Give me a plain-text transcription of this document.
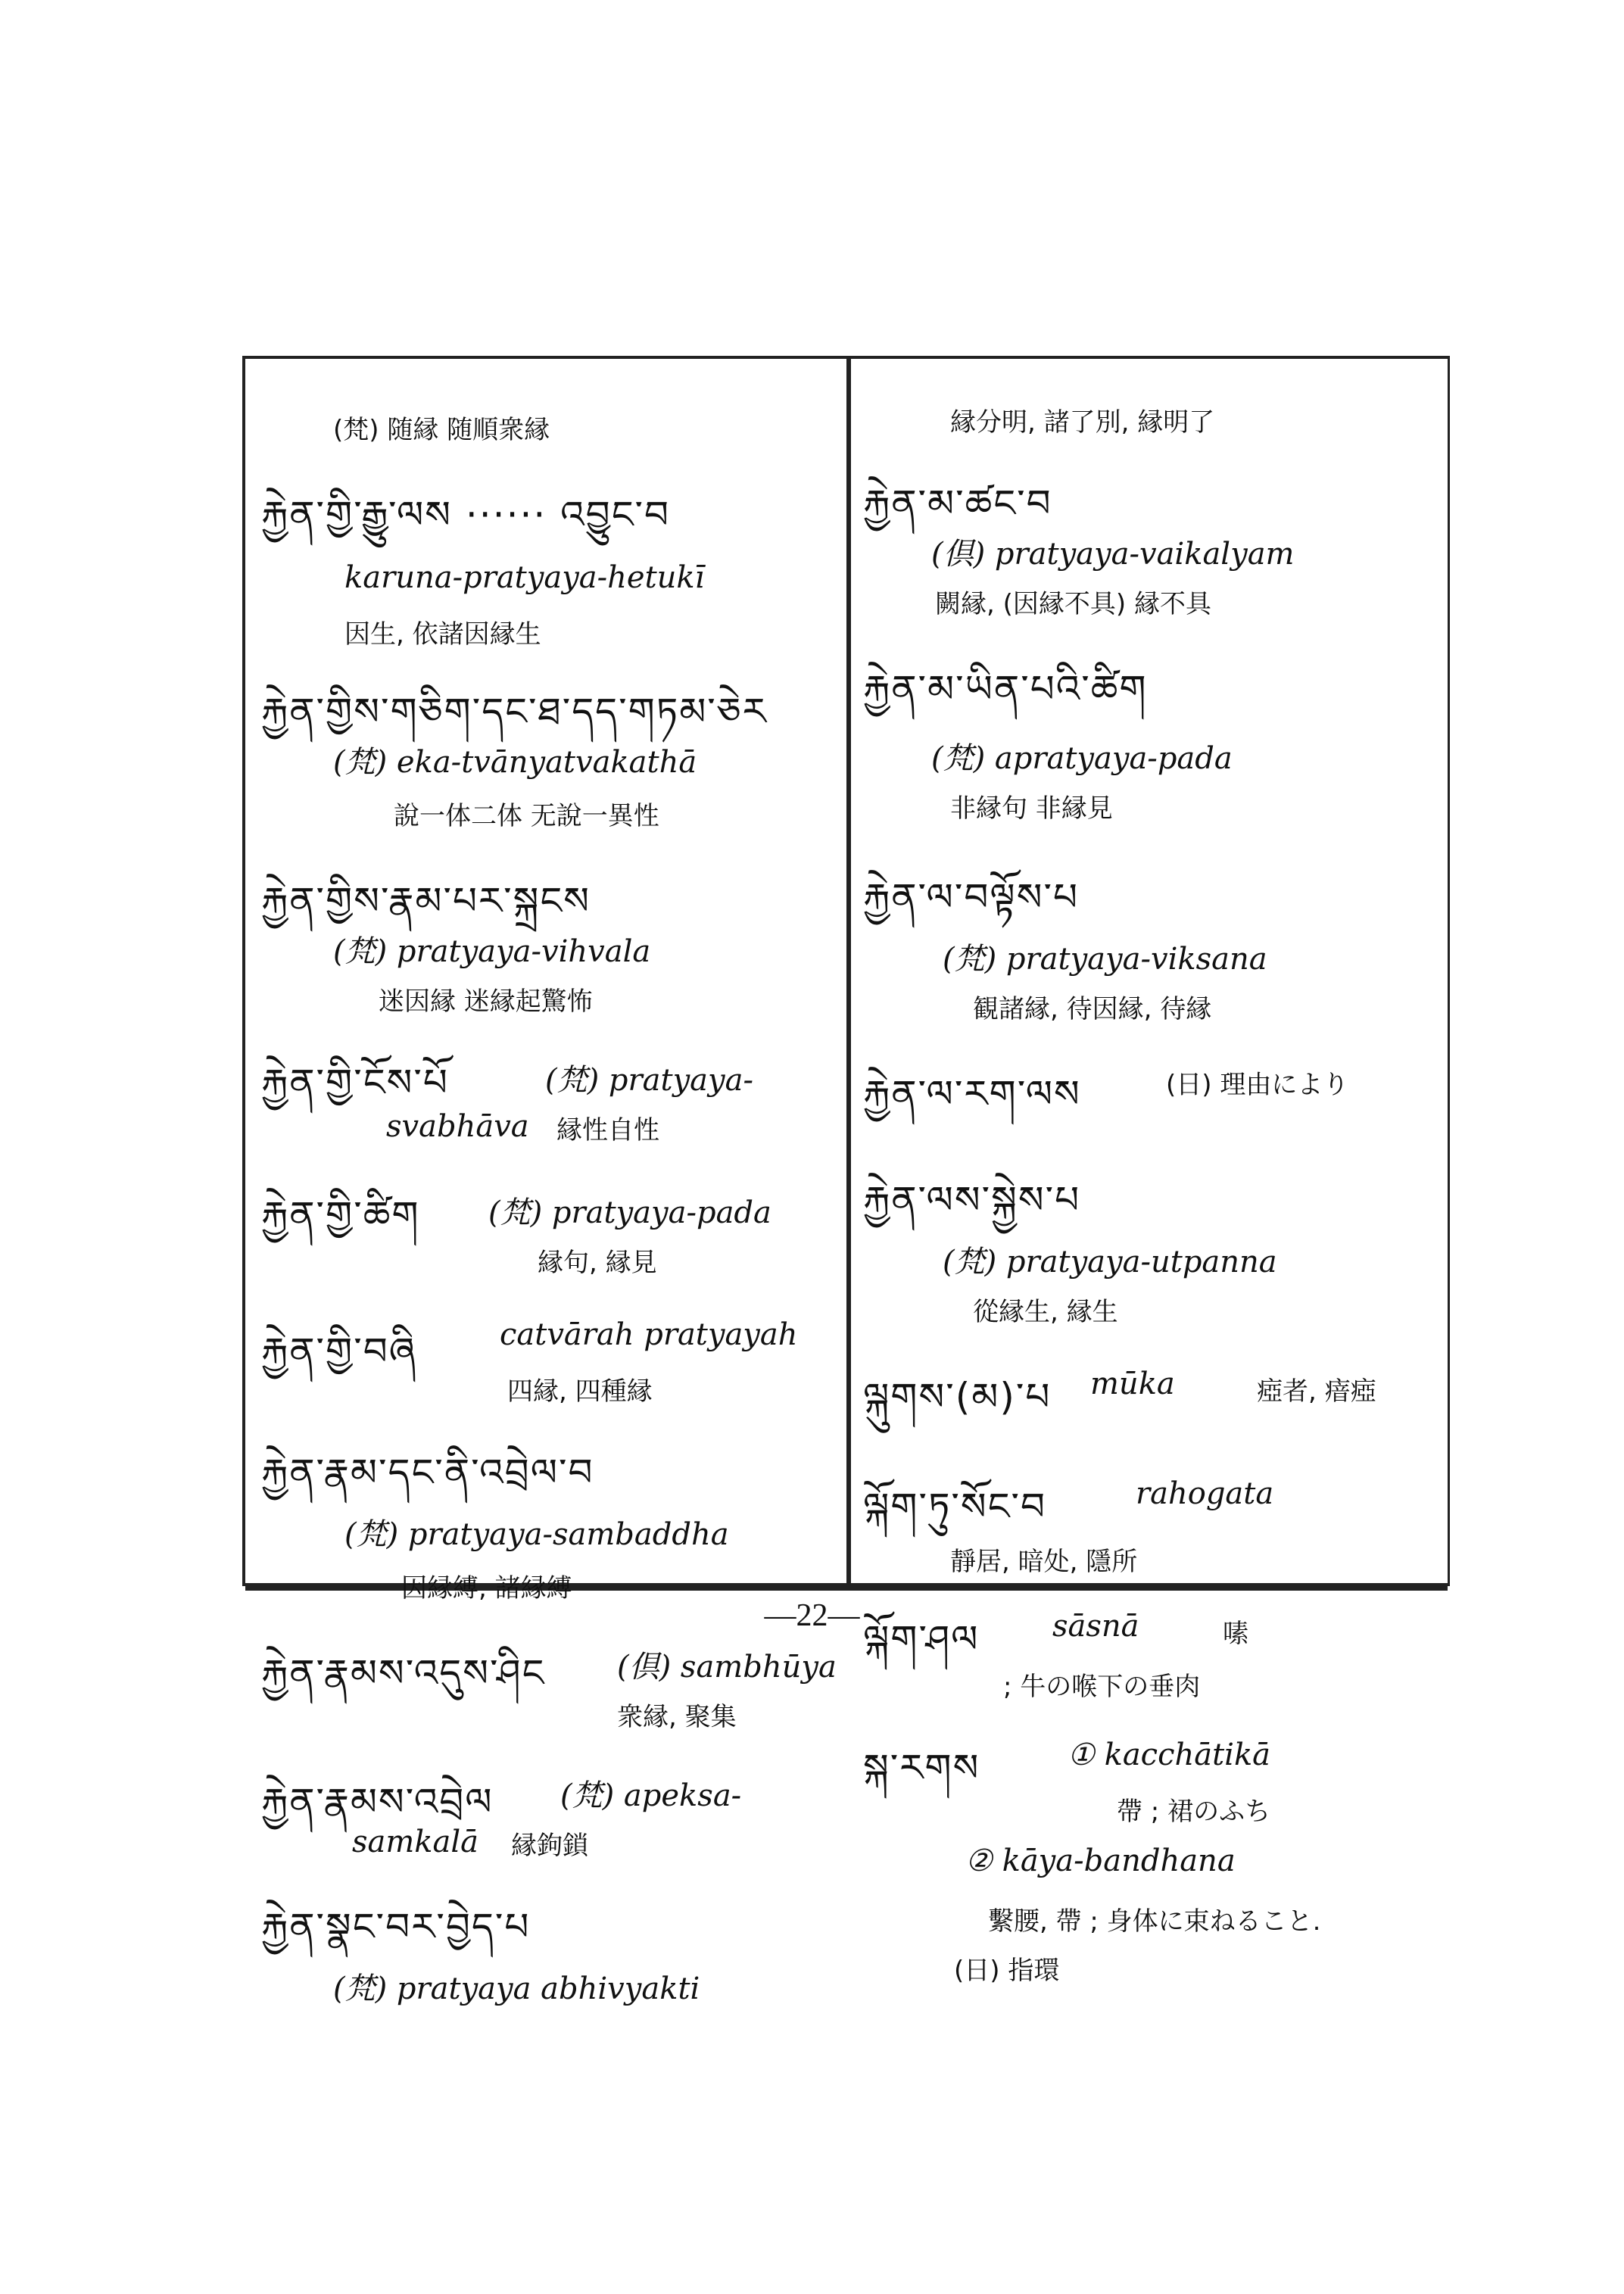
(梵) 随縁 随順衆縁
རྐྱེན་གྱི་རྒྱུ་ལས ······ འབྱུང་བ
karuna-pratyaya-hetukī
因生, 依諸因縁生
རྐྱེན་གྱིས་གཅིག་དང་ཐ་དད་གཏམ་ཅེར
(梵) eka-tvānyatvakathā
說一体二体 无說一異性
རྐྱེན་གྱིས་རྣམ་པར་སྐྲངས
(梵) pratyaya-vihvala
迷因縁 迷縁起驚怖
རྐྱེན་གྱི་ངོས་པོ	(梵) pratyaya-
svabhāva 縁性自性
རྐྱེན་གྱི་ཚིག (梵) pratyaya-pada
縁句, 縁見
རྐྱེན་གྱི་བཞི	catvārah pratyayah
四縁, 四種縁
རྐྱེན་རྣམ་དང་ནི་འབྲེལ་བ
(梵) pratyaya-sambaddha
因縁縛, 諸縁縛
རྐྱེན་རྣམས་འདུས་ཤིང (倶) sambhūya
衆縁, 聚集
རྐྱེན་རྣམས་འབྲེལ (梵) apeksa-
samkalā 縁鉤鎖
རྐྱེན་སྣང་བར་བྱེད་པ
(梵) pratyaya abhivyakti
縁分明, 諸了別, 縁明了
རྐྱེན་མ་ཚང་བ
(倶) pratyaya-vaikalyam
闕縁, (因縁不具) 縁不具
རྐྱེན་མ་ཡིན་པའི་ཚིག
(梵) apratyaya-pada
非縁句 非縁見
རྐྱེན་ལ་བལྟོས་པ
(梵) pratyaya-viksana
観諸縁, 待因縁, 待縁
རྐྱེན་ལ་རག་ལས	(日) 理由により
རྐྱེན་ལས་སྐྱེས་པ
(梵) pratyaya-utpanna
從縁生, 縁生
ལྐུགས་(མ)་པ mūka	瘂者, 瘖瘂
ལྐོག་ཏུ་སོང་བ	rahogata
靜居, 暗处, 隱所
ལྐོག་ཤལ sāsnā	嗉
; 牛の喉下の垂肉
སྐ་རགས	① kacchātikā
帶 ; 裙のふち
② kāya-bandhana
繫腰, 帶 ; 身体に束ねること.
(日) 指環
—22—
